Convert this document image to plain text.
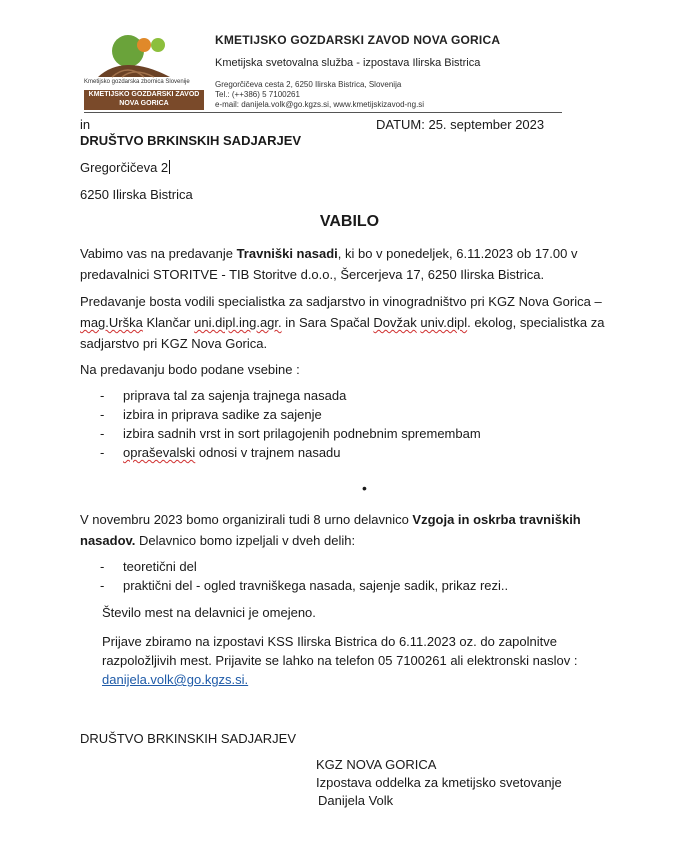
Kmetijsko gozdarska zbornica Slovenije
KMETIJSKO GOZDARSKI ZAVOD
NOVA GORICA
KMETIJSKO GOZDARSKI ZAVOD NOVA GORICA
Kmetijska svetovalna služba - izpostava Ilirska Bistrica
Gregorčičeva cesta 2, 6250 Ilirska Bistrica, Slovenija
Tel.: (++386) 5 7100261
e-mail: danijela.volk@go.kgzs.si, www.kmetijskizavod-ng.si
in	DATUM: 25. september 2023
DRUŠTVO BRKINSKIH SADJARJEV
Gregorčičeva 2
6250 Ilirska Bistrica
VABILO
Vabimo vas na predavanje Travniški nasadi, ki bo v ponedeljek, 6.11.2023 ob 17.00 v
predavalnici STORITVE - TIB Storitve d.o.o., Šercerjeva 17, 6250 Ilirska Bistrica.
Predavanje bosta vodili specialistka za sadjarstvo in vinogradništvo pri KGZ Nova Gorica –
mag.Urška Klančar uni.dipl.ing.agr. in Sara Spačal Dovžak univ.dipl. ekolog, specialistka za
sadjarstvo pri KGZ Nova Gorica.
Na predavanju bodo podane vsebine :
- priprava tal za sajenja trajnega nasada
- izbira in priprava sadike za sajenje
- izbira sadnih vrst in sort prilagojenih podnebnim spremembam
- opraševalski odnosi v trajnem nasadu
•
V novembru 2023 bomo organizirali tudi 8 urno delavnico Vzgoja in oskrba travniških
nasadov. Delavnico bomo izpeljali v dveh delih:
- teoretični del
- praktični del - ogled travniškega nasada, sajenje sadik, prikaz rezi..
Število mest na delavnici je omejeno.
Prijave zbiramo na izpostavi KSS Ilirska Bistrica do 6.11.2023 oz. do zapolnitve
razpoložljivih mest. Prijavite se lahko na telefon 05 7100261 ali elektronski naslov :
danijela.volk@go.kgzs.si.
DRUŠTVO BRKINSKIH SADJARJEV
KGZ NOVA GORICA
Izpostava oddelka za kmetijsko svetovanje
Danijela Volk
